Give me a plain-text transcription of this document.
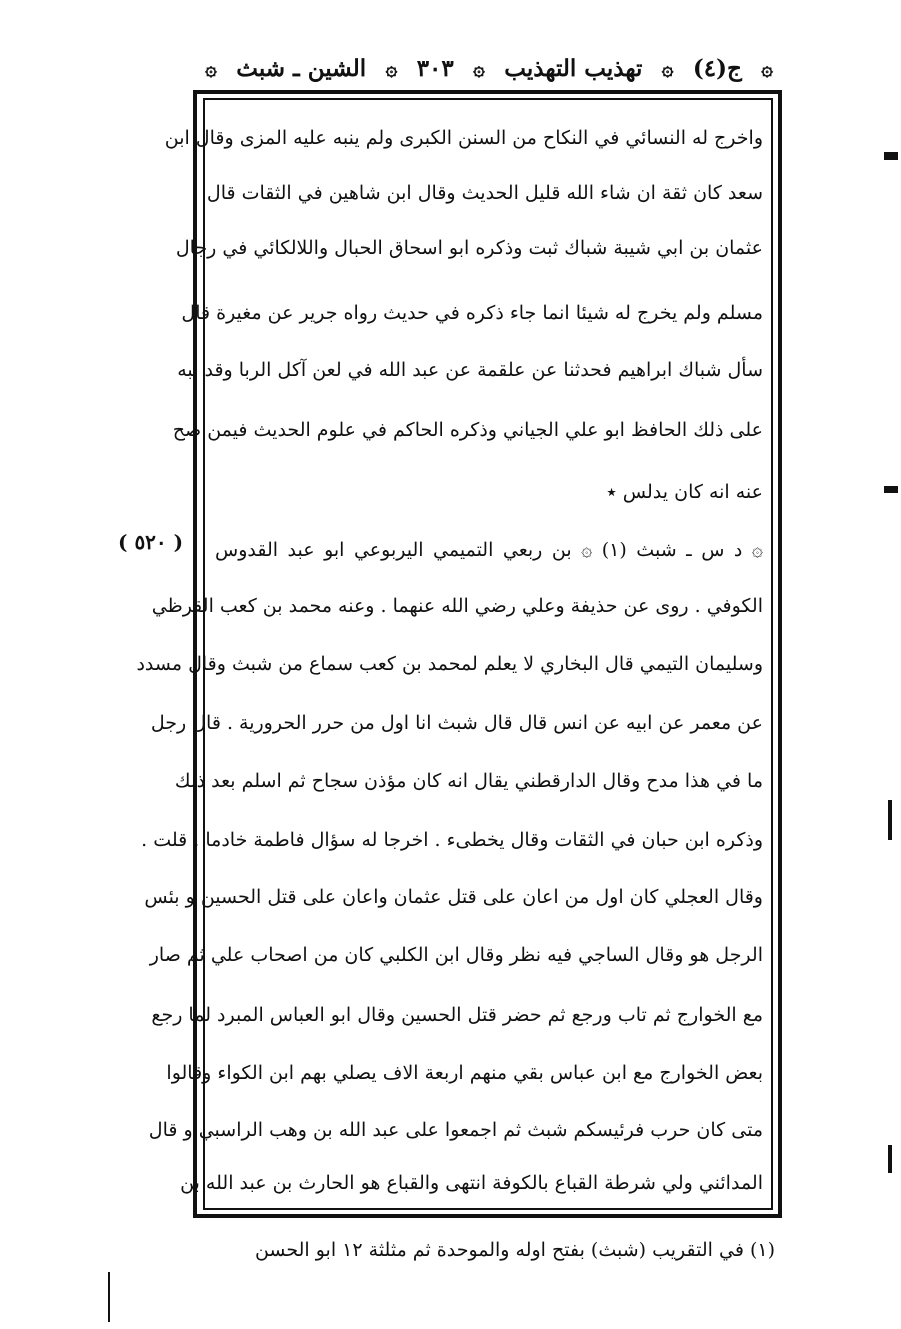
۞
ج(٤)
۞
تهذيب التهذيب
۞
٣٠٣
۞
الشين ـ شبث
۞
( ٥٢٠ )
واخرج له النسائي في النكاح من السنن الكبرى ولم ينبه عليه المزى وقال ابن
سعد كان ثقة ان شاء الله قليل الحديث وقال ابن شاهين في الثقات قال
عثمان بن ابي شيبة شباك ثبت وذكره ابو اسحاق الحبال واللالكائي في رجال
مسلم ولم يخرج له شيئا انما جاء ذكره في حديث رواه جرير عن مغيرة قال
سأل شباك ابراهيم فحدثنا عن علقمة عن عبد الله في لعن آكل الربا وقد نبه
على ذلك الحافظ ابو علي الجياني وذكره الحاكم في علوم الحديث فيمن صح
عنه انه كان يدلس ٭
۞ د س ـ شبث (١) ۞ بن ربعي التميمي اليربوعي ابو عبد القدوس
الكوفي . روى عن حذيفة وعلي رضي الله عنهما . وعنه محمد بن كعب القرظي
وسليمان التيمي قال البخاري لا يعلم لمحمد بن كعب سماع من شبث وقال مسدد
عن معمر عن ابيه عن انس قال قال شبث انا اول من حرر الحرورية . قال رجل
ما في هذا مدح وقال الدارقطني يقال انه كان مؤذن سجاح ثم اسلم بعد ذلك
وذكره ابن حبان في الثقات وقال يخطىء . اخرجا له سؤال فاطمة خادما . قلت .
وقال العجلي كان اول من اعان على قتل عثمان واعان على قتل الحسين و بئس
الرجل هو وقال الساجي فيه نظر وقال ابن الكلبي كان من اصحاب علي ثم صار
مع الخوارج ثم تاب ورجع ثم حضر قتل الحسين وقال ابو العباس المبرد لما رجع
بعض الخوارج مع ابن عباس بقي منهم اربعة الاف يصلي بهم ابن الكواء وقالوا
متى كان حرب فرئيسكم شبث ثم اجمعوا على عبد الله بن وهب الراسبي و قال
المدائني ولي شرطة القباع بالكوفة انتهى والقباع هو الحارث بن عبد الله بن
(١) في التقريب (شبث) بفتح اوله والموحدة ثم مثلثة ١٢ ابو الحسن
